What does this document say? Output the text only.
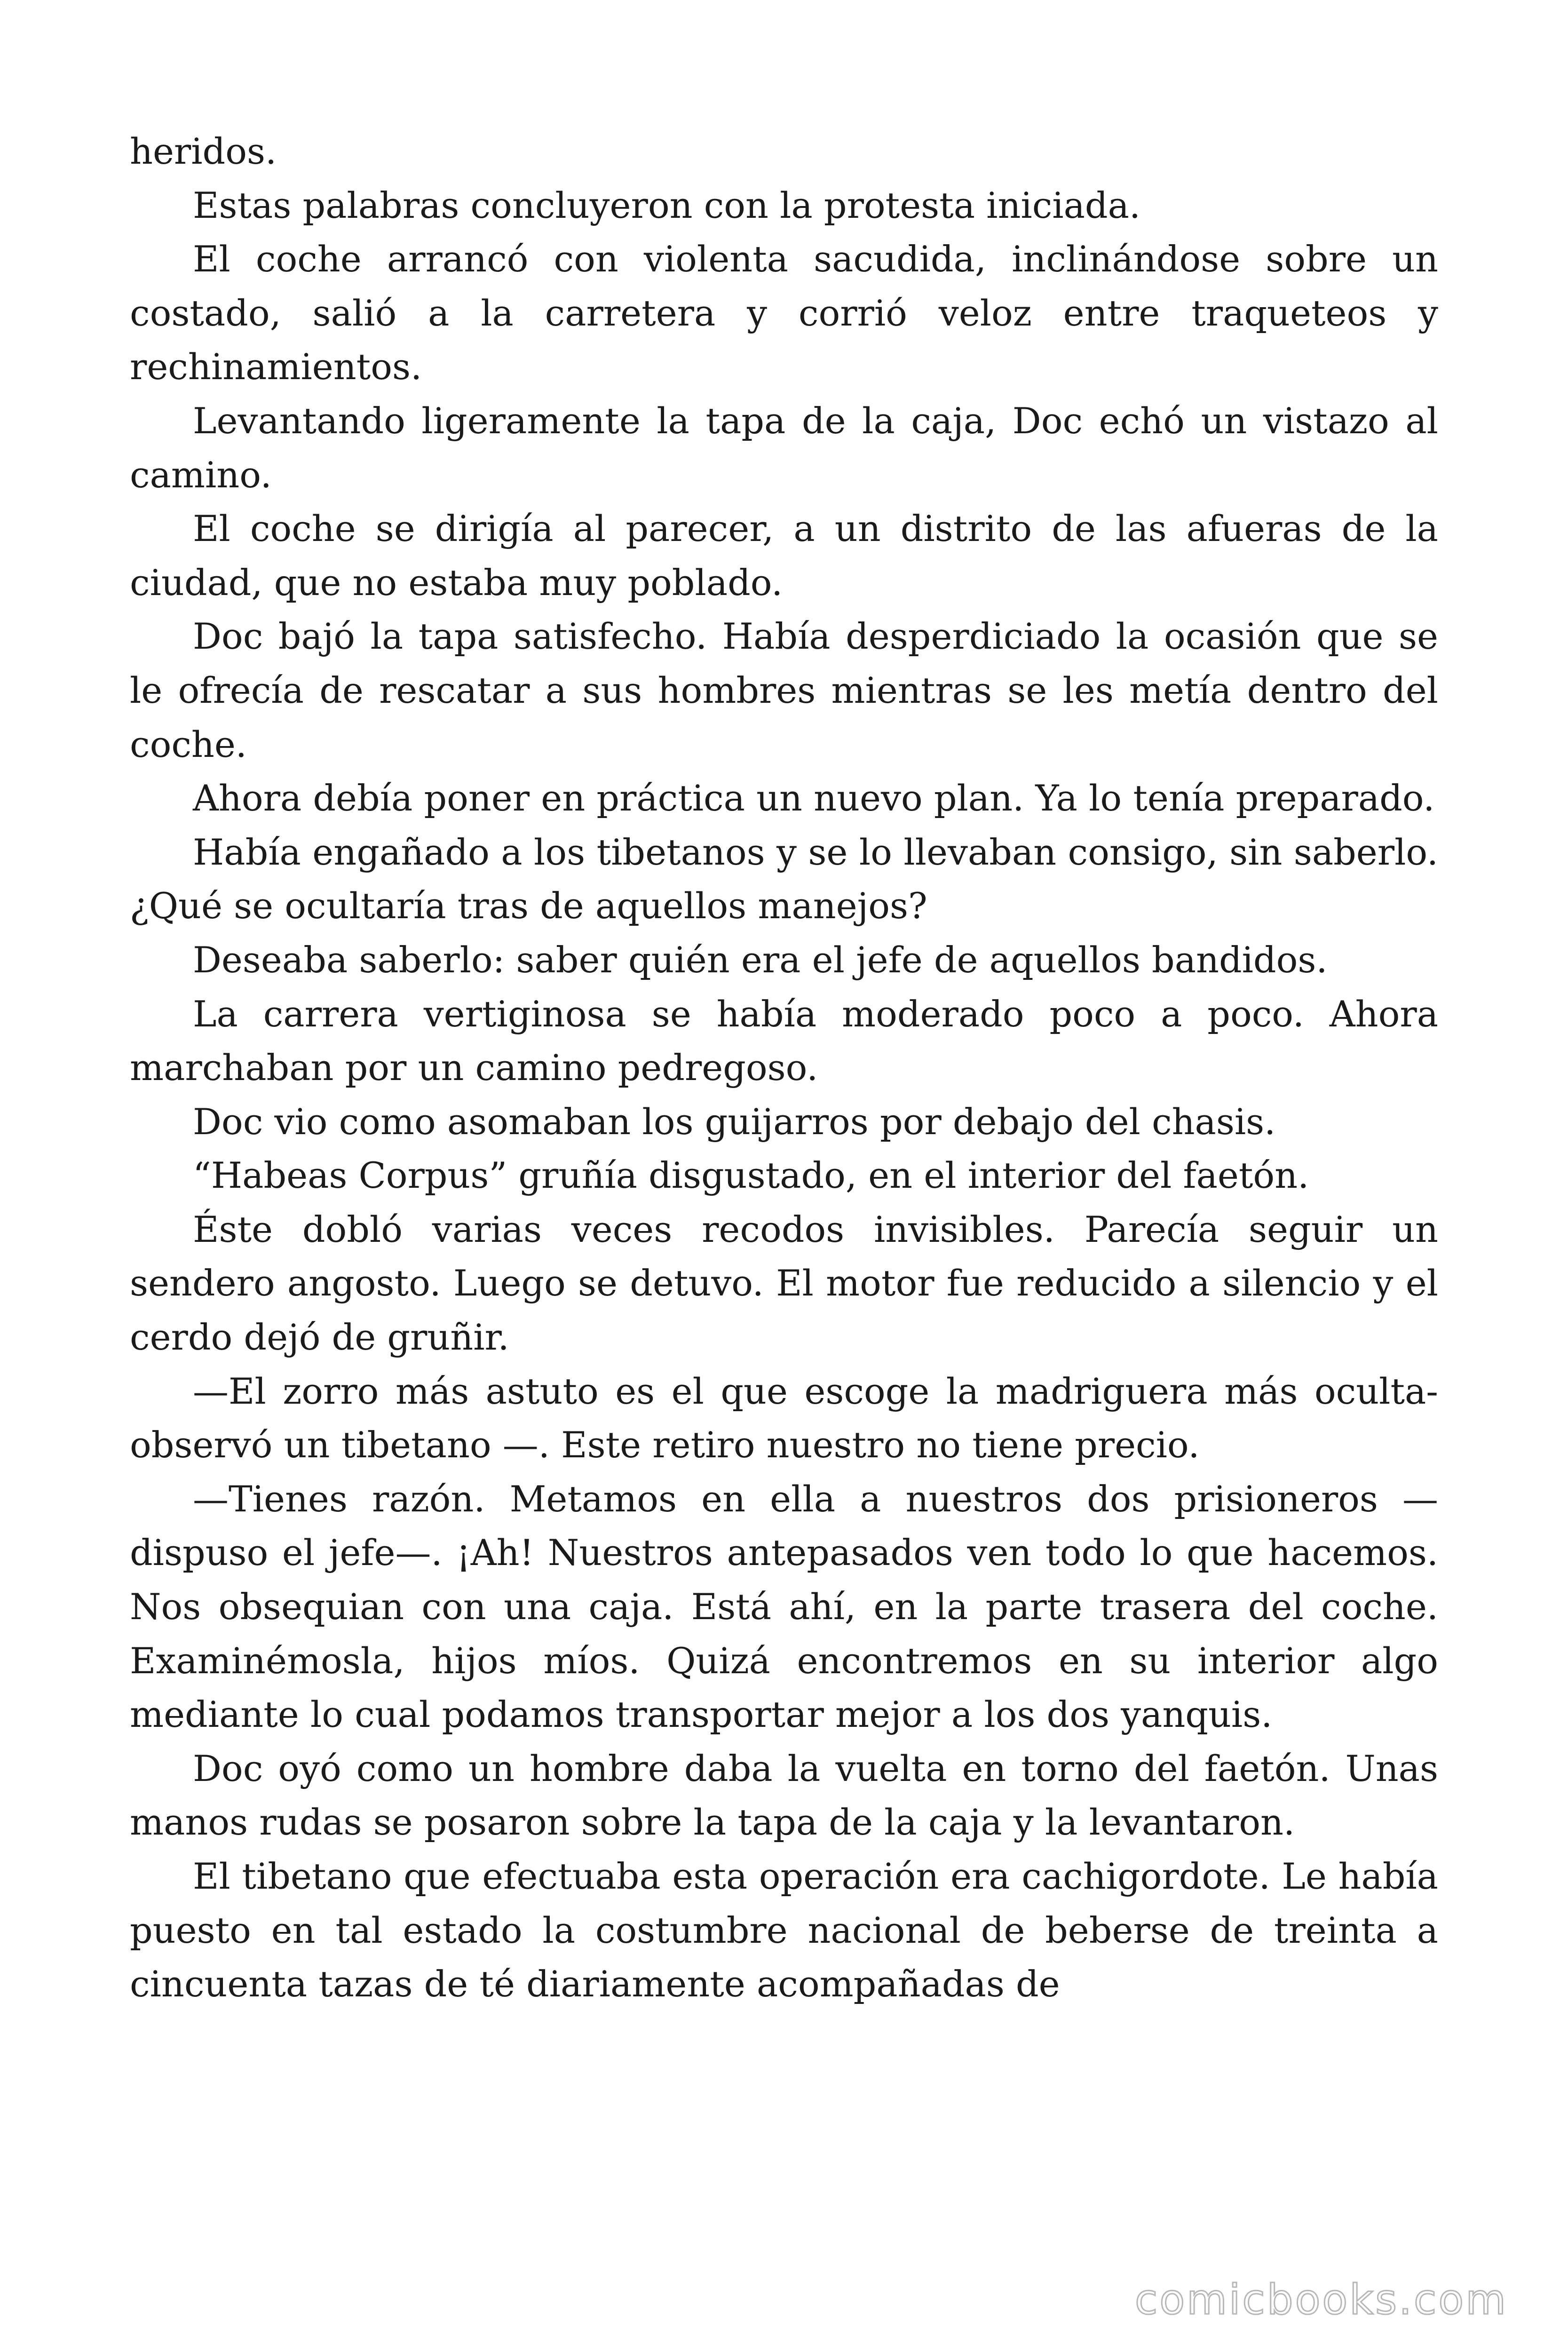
heridos.

Estas palabras concluyeron con la protesta iniciada.

El coche arrancó con violenta sacudida, inclinándose sobre un costado, salió a la carretera y corrió veloz entre traqueteos y rechinamientos.

Levantando ligeramente la tapa de la caja, Doc echó un vistazo al camino.

El coche se dirigía al parecer, a un distrito de las afueras de la ciudad, que no estaba muy poblado.

Doc bajó la tapa satisfecho. Había desperdiciado la ocasión que se le ofrecía de rescatar a sus hombres mientras se les metía dentro del coche.

Ahora debía poner en práctica un nuevo plan. Ya lo tenía preparado.

Había engañado a los tibetanos y se lo llevaban consigo, sin saberlo. ¿Qué se ocultaría tras de aquellos manejos?

Deseaba saberlo: saber quién era el jefe de aquellos bandidos.

La carrera vertiginosa se había moderado poco a poco. Ahora marchaban por un camino pedregoso.

Doc vio como asomaban los guijarros por debajo del chasis.

“Habeas Corpus” gruñía disgustado, en el interior del faetón.

Éste dobló varias veces recodos invisibles. Parecía seguir un sendero angosto. Luego se detuvo. El motor fue reducido a silencio y el cerdo dejó de gruñir.

—El zorro más astuto es el que escoge la madriguera más oculta- observó un tibetano —. Este retiro nuestro no tiene precio.

—Tienes razón. Metamos en ella a nuestros dos prisioneros — dispuso el jefe—. ¡Ah! Nuestros antepasados ven todo lo que hacemos. Nos obsequian con una caja. Está ahí, en la parte trasera del coche. Examinémosla, hijos míos. Quizá encontremos en su interior algo mediante lo cual podamos transportar mejor a los dos yanquis.

Doc oyó como un hombre daba la vuelta en torno del faetón. Unas manos rudas se posaron sobre la tapa de la caja y la levantaron.

El tibetano que efectuaba esta operación era cachigordote. Le había puesto en tal estado la costumbre nacional de beberse de treinta a cincuenta tazas de té diariamente acompañadas de

comicbooks.com
